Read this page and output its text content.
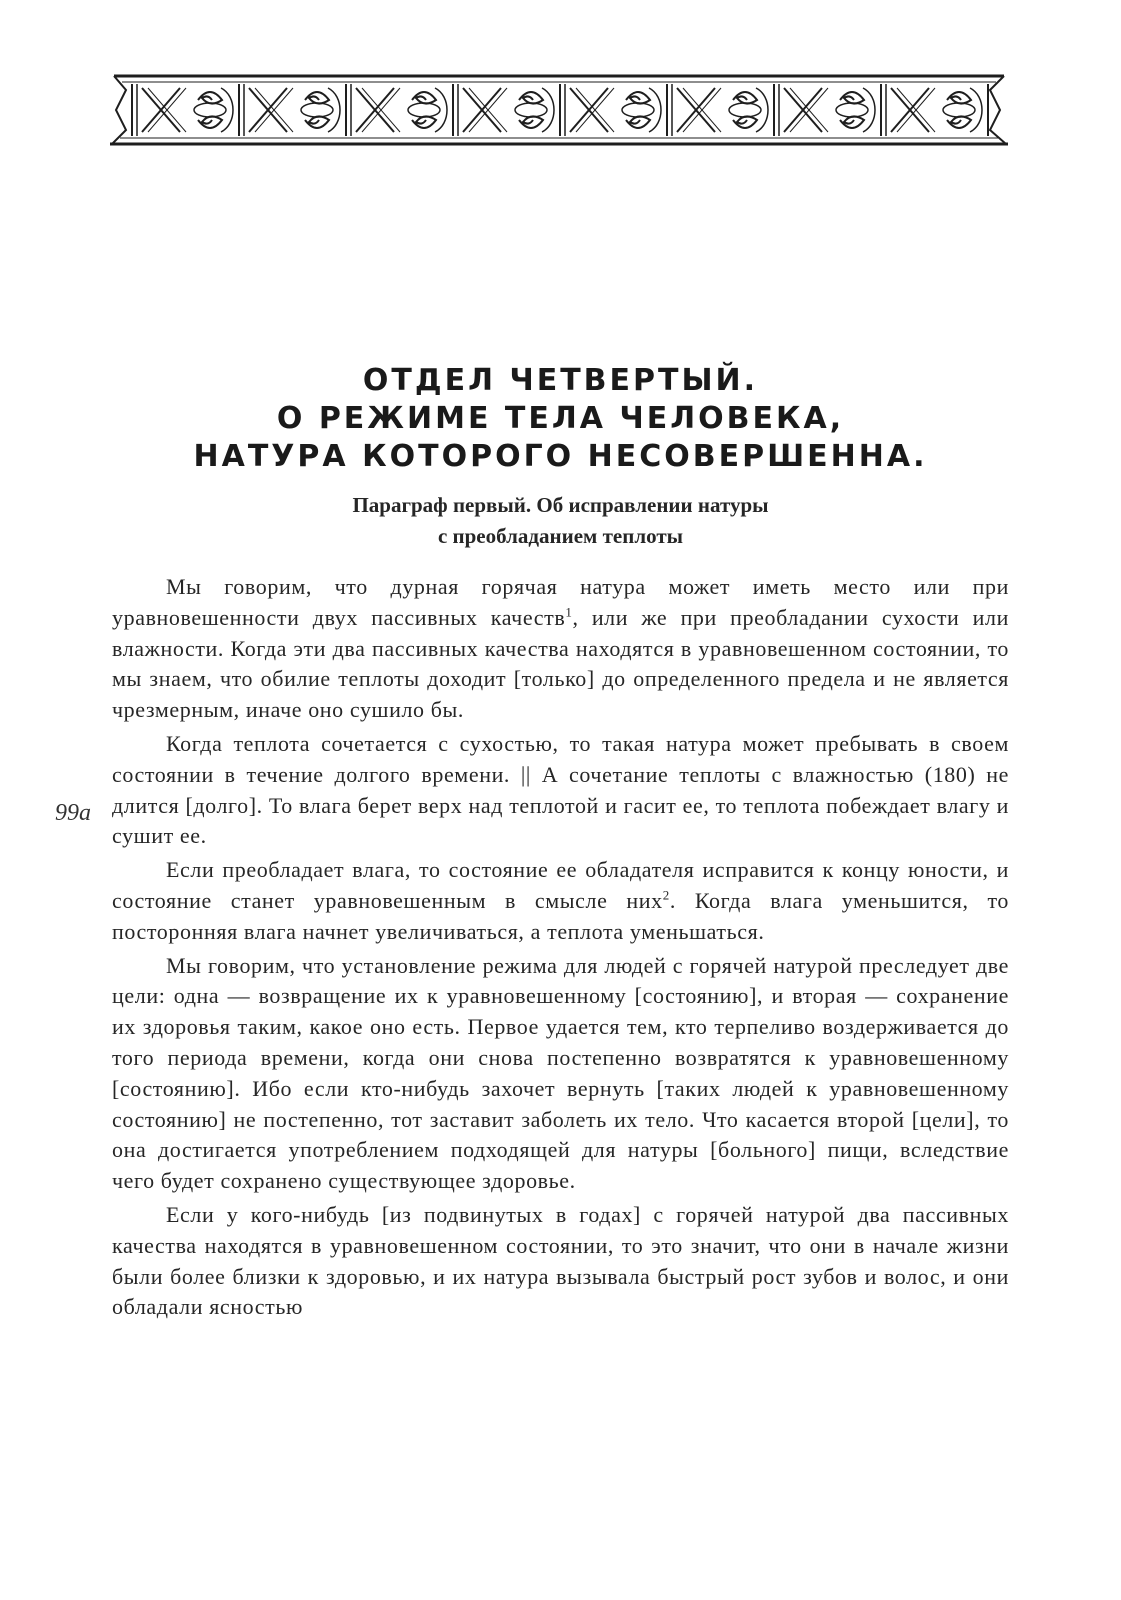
ОТДЕЛ ЧЕТВЕРТЫЙ.
О РЕЖИМЕ ТЕЛА ЧЕЛОВЕКА,
НАТУРА КОТОРОГО НЕСОВЕРШЕННА.
Параграф первый. Об исправлении натуры
с преобладанием теплоты
99a

Мы говорим, что дурная горячая натура может иметь место или при уравновешенности двух пассивных качеств$^1$, или же при преобладании сухости или влажности. Когда эти два пассивных качества находятся в уравновешенном состоянии, то мы знаем, что обилие теплоты доходит [только] до определенного предела и не является чрезмерным, иначе оно сушило бы.

Когда теплота сочетается с сухостью, то такая натура может пребывать в своем состоянии в течение долгого времени. || А сочетание теплоты с влажностью (180) не длится [долго]. То влага берет верх над теплотой и гасит ее, то теплота побеждает влагу и сушит ее.

Если преобладает влага, то состояние ее обладателя исправится к концу юности, и состояние станет уравновешенным в смысле них$^2$. Когда влага уменьшится, то посторонняя влага начнет увеличиваться, а теплота уменьшаться.

Мы говорим, что установление режима для людей с горячей натурой преследует две цели: одна — возвращение их к уравновешенному [состоянию], и вторая — сохранение их здоровья таким, какое оно есть. Первое удается тем, кто терпеливо воздерживается до того периода времени, когда они снова постепенно возвратятся к уравновешенному [состоянию]. Ибо если кто-нибудь захочет вернуть [таких людей к уравновешенному состоянию] не постепенно, тот заставит заболеть их тело. Что касается второй [цели], то она достигается употреблением подходящей для натуры [больного] пищи, вследствие чего будет сохранено существующее здоровье.

Если у кого-нибудь [из подвинутых в годах] с горячей натурой два пассивных качества находятся в уравновешенном состоянии, то это значит, что они в начале жизни были более близки к здоровью, и их натура вызывала быстрый рост зубов и волос, и они обладали ясностью
